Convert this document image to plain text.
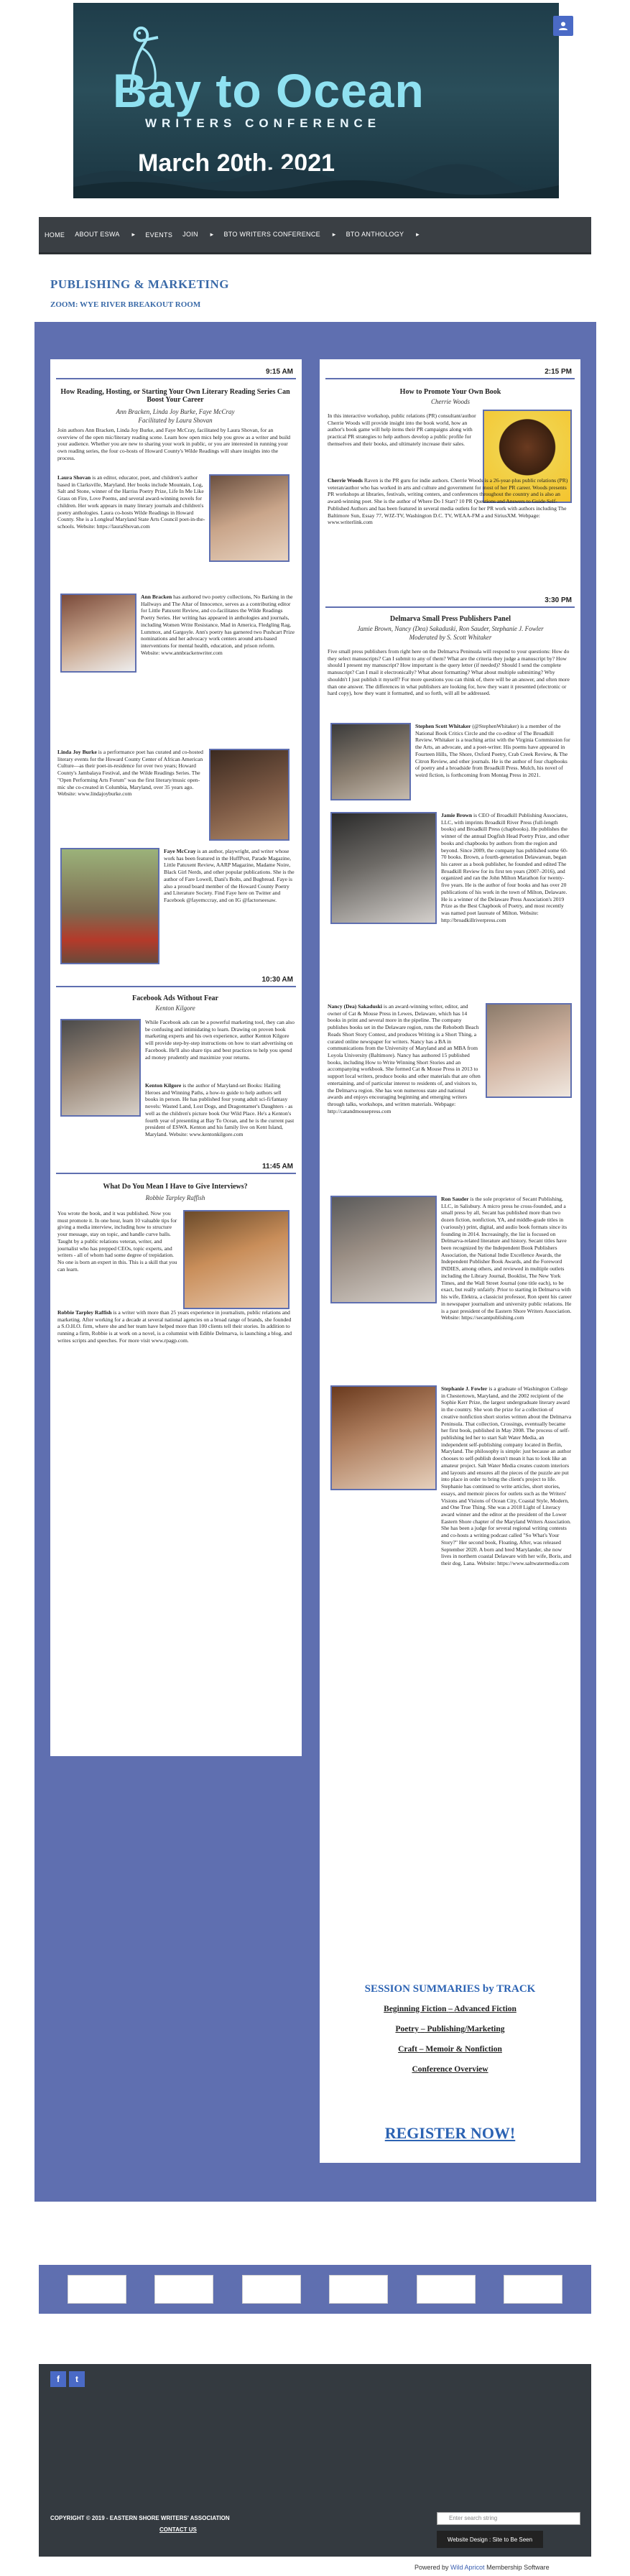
Bay to Ocean
WRITERS CONFERENCE
March 20th, 2021
HOME ABOUT ESWA ▸ EVENTS JOIN ▸ BTO WRITERS CONFERENCE ▸ BTO ANTHOLOGY ▸
PUBLISHING & MARKETING
ZOOM: WYE RIVER BREAKOUT ROOM
9:15 AM
How Reading, Hosting, or Starting Your Own Literary Reading Series Can Boost Your Career
Ann Bracken, Linda Joy Burke, Faye McCray
Facilitated by Laura Shovan
Join authors Ann Bracken, Linda Joy Burke, and Faye McCray, facilitated by Laura Shovan, for an overview of the open mic/literary reading scene. Learn how open mics help you grow as a writer and build your audience. Whether you are new to sharing your work in public, or you are interested in running your own reading series, the four co-hosts of Howard County's Wilde Readings will share insights into the process.
Laura Shovan is an editor, educator, poet, and children's author based in Clarksville, Maryland. Her books include Mountain, Log, Salt and Stone, winner of the Harriss Poetry Prize, Life In Me Like Grass on Fire, Love Poems, and several award-winning novels for children. Her work appears in many literary journals and children's poetry anthologies. Laura co-hosts Wilde Readings in Howard County. She is a Longleaf Maryland State Arts Council poet-in-the-schools. Website: https://lauraShovan.com
Ann Bracken has authored two poetry collections, No Barking in the Hallways and The Altar of Innocence, serves as a contributing editor for Little Patuxent Review, and co-facilitates the Wilde Readings Poetry Series. Her writing has appeared in anthologies and journals, including Women Write Resistance, Mad in America, Fledgling Rag, Lummox, and Gargoyle. Ann's poetry has garnered two Pushcart Prize nominations and her advocacy work centers around arts-based interventions for mental health, education, and prison reform. Website: www.annbrackenwriter.com
Linda Joy Burke is a performance poet has curated and co-hosted literary events for the Howard County Center of African American Culture—as their poet-in-residence for over two years; Howard County's Jambalaya Festival, and the Wilde Readings Series. The "Open Performing Arts Forum" was the first literary/music open-mic she co-created in Columbia, Maryland, over 35 years ago. Website: www.lindajoyburke.com
Faye McCray is an author, playwright, and writer whose work has been featured in the HuffPost, Parade Magazine, Little Patuxent Review, AARP Magazine, Madame Noire, Black Girl Nerds, and other popular publications. She is the author of Fare Lowell, Dani's Bolts, and Bugbread. Faye is also a proud board member of the Howard County Poetry and Literature Society. Find Faye here on Twitter and Facebook @fayemccray, and on IG @factorseesaw.
10:30 AM
Facebook Ads Without Fear
Kenton Kilgore
While Facebook ads can be a powerful marketing tool, they can also be confusing and intimidating to learn. Drawing on proven book marketing experts and his own experience, author Kenton Kilgore will provide step-by-step instructions on how to start advertising on Facebook. He'll also share tips and best practices to help you spend ad money prudently and maximize your returns.
Kenton Kilgore is the author of Maryland-set Books: Hailing Heroes and Winning Paths, a how-to guide to help authors sell books in person. He has published four young adult sci-fi/fantasy novels: Wasted Land, Lost Dogs, and Dragontamer's Daughters - as well as the children's picture book Our Wild Place. He's a Kenton's fourth year of presenting at Bay To Ocean, and he is the current past president of ESWA. Kenton and his family live on Kent Island, Maryland. Website: www.kentonkilgore.com
11:45 AM
What Do You Mean I Have to Give Interviews?
Robbie Tarpley Raffish
You wrote the book, and it was published. Now you must promote it. In one hour, learn 10 valuable tips for giving a media interview, including how to structure your message, stay on topic, and handle curve balls. Taught by a public relations veteran, writer, and journalist who has prepped CEOs, topic experts, and writers - all of whom had some degree of trepidation. No one is born an expert in this. This is a skill that you can learn.
Robbie Tarpley Raffish is a writer with more than 25 years experience in journalism, public relations and marketing. After working for a decade at several national agencies on a broad range of brands, she founded a S.O.H.O. firm, where she and her team have helped more than 100 clients tell their stories. In addition to running a firm, Robbie is at work on a novel, is a columnist with Edible Delmarva, is launching a blog, and writes scripts and speeches. For more visit www.rpagp.com.
2:15 PM
How to Promote Your Own Book
Cherrie Woods
In this interactive workshop, public relations (PR) consultant/author Cherrie Woods will provide insight into the book world, how an author's book game will help items their PR campaigns along with practical PR strategies to help authors develop a public profile for themselves and their books, and ultimately increase their sales.
Cherrie Woods Raven is the PR guru for indie authors. Cherrie Woods is a 26-year-plus public relations (PR) veteran/author who has worked in arts and culture and government for most of her PR career. Woods presents PR workshops at libraries, festivals, writing centers, and conferences throughout the country and is also an award-winning poet. She is the author of Where Do I Start? 10 PR Questions and Answers to Guide Self-Published Authors and has been featured in several media outlets for her PR work with authors including The Baltimore Sun, Essay 77, WJZ-TV, Washington D.C. TV, WEAA-FM a and SiriusXM. Webpage: www.writerlink.com
3:30 PM
Delmarva Small Press Publishers Panel
Jamie Brown, Nancy (Dea) Sakaduski, Ron Sauder, Stephanie J. Fowler
Moderated by S. Scott Whitaker
Five small press publishers from right here on the Delmarva Peninsula will respond to your questions: How do they select manuscripts? Can I submit to any of them? What are the criteria they judge a manuscript by? How should I present my manuscript? How important is the query letter (if needed)? Should I send the complete manuscript? Can I mail it electronically? What about formatting? What about multiple submitting? Why shouldn't I just publish it myself? For more questions you can think of, there will be an answer, and often more than one answer. The differences in what publishers are looking for, how they want it presented (electronic or hard copy), how they want it formatted, and so forth, will all be addressed.
Stephen Scott Whitaker (@StephenWhitaker) is a member of the National Book Critics Circle and the co-editor of The Broadkill Review. Whitaker is a teaching artist with the Virginia Commission for the Arts, an advocate, and a poet-writer. His poems have appeared in Fourteen Hills, The Shore, Oxford Poetry, Crab Creek Review, & The Citron Review, and other journals. He is the author of four chapbooks of poetry and a broadside from Broadkill Press. Mulch, his novel of weird fiction, is forthcoming from Montag Press in 2021.
Jamie Brown is CEO of Broadkill Publishing Associates, LLC, with imprints Broadkill River Press (full-length books) and Broadkill Press (chapbooks). He publishes the winner of the annual Dogfish Head Poetry Prize, and other books and chapbooks by authors from the region and beyond. Since 2009, the company has published some 60-70 books. Brown, a fourth-generation Delawarean, began his career as a book publisher, he founded and edited The Broadkill Review for its first ten years (2007–2016), and organized and ran the John Milton Marathon for twenty-five years. He is the author of four books and has over 20 publications of his work in the town of Milton, Delaware. He is a winner of the Delaware Press Association's 2019 Prize as the Best Chapbook of Poetry, and most recently was named poet laureate of Milton. Website: http://broadkillriverpress.com
Nancy (Dea) Sakaduski is an award-winning writer, editor, and owner of Cat & Mouse Press in Lewes, Delaware, which has 14 books in print and several more in the pipeline. The company publishes books set in the Delaware region, runs the Rehoboth Beach Reads Short Story Contest, and produces Writing is a Short Thing, a curated online newspaper for writers. Nancy has a BA in communications from the University of Maryland and an MBA from Loyola University (Baltimore). Nancy has authored 15 published books, including How to Write Winning Short Stories and an accompanying workbook. She formed Cat & Mouse Press in 2013 to support local writers, produce books and other materials that are often entertaining, and of particular interest to residents of, and visitors to, the Delmarva region. She has won numerous state and national awards and enjoys encouraging beginning and emerging writers through talks, workshops, and written materials. Webpage: http://catandmousepress.com
Ron Sauder is the sole proprietor of Secant Publishing, LLC, in Salisbury. A micro press he cross-founded, and a small press by all, Secant has published more than two dozen fiction, nonfiction, YA, and middle-grade titles in (variously) print, digital, and audio book formats since its founding in 2014. Increasingly, the list is focused on Delmarva-related literature and history. Secant titles have been recognized by the Independent Book Publishers Association, the National Indie Excellence Awards, the Independent Publisher Book Awards, and the Foreword INDIES, among others, and reviewed in multiple outlets including the Library Journal, Booklist, The New York Times, and the Wall Street Journal (one title each), to be exact, but really unfairly. Prior to starting in Delmarva with his wife, Elektra, a classicist professor, Ron spent his career in newspaper journalism and university public relations. He is a past president of the Eastern Shore Writers Association. Website: https://secantpublishing.com
Stephanie J. Fowler is a graduate of Washington College in Chestertown, Maryland, and the 2002 recipient of the Sophie Kerr Prize, the largest undergraduate literary award in the country. She won the prize for a collection of creative nonfiction short stories written about the Delmarva Peninsula. That collection, Crossings, eventually became her first book, published in May 2008. The process of self-publishing led her to start Salt Water Media, an independent self-publishing company located in Berlin, Maryland. The philosophy is simple: just because an author chooses to self-publish doesn't mean it has to look like an amateur project. Salt Water Media creates custom interiors and layouts and ensures all the pieces of the puzzle are put into place in order to bring the client's project to life. Stephanie has continued to write articles, short stories, essays, and memoir pieces for outlets such as the Writers' Visions and Visions of Ocean City, Coastal Style, Modern, and One True Thing. She was a 2018 Light of Literacy award winner and the editor at the president of the Lower Eastern Shore chapter of the Maryland Writers Association. She has been a judge for several regional writing contests and co-hosts a writing podcast called "So What's Your Story?" Her second book, Floating, After, was released September 2020. A born and bred Marylander, she now lives in northern coastal Delaware with her wife, Boris, and their dog, Lana. Website: https://www.saltwatermedia.com
SESSION SUMMARIES by TRACK
Beginning Fiction – Advanced Fiction
Poetry – Publishing/Marketing
Craft – Memoir & Nonfiction
Conference Overview
REGISTER NOW!
f	t
Enter search string
Website Design : Site to Be Seen
COPYRIGHT © 2019 - EASTERN SHORE WRITERS' ASSOCIATION
CONTACT US
Powered by Wild Apricot Membership Software
